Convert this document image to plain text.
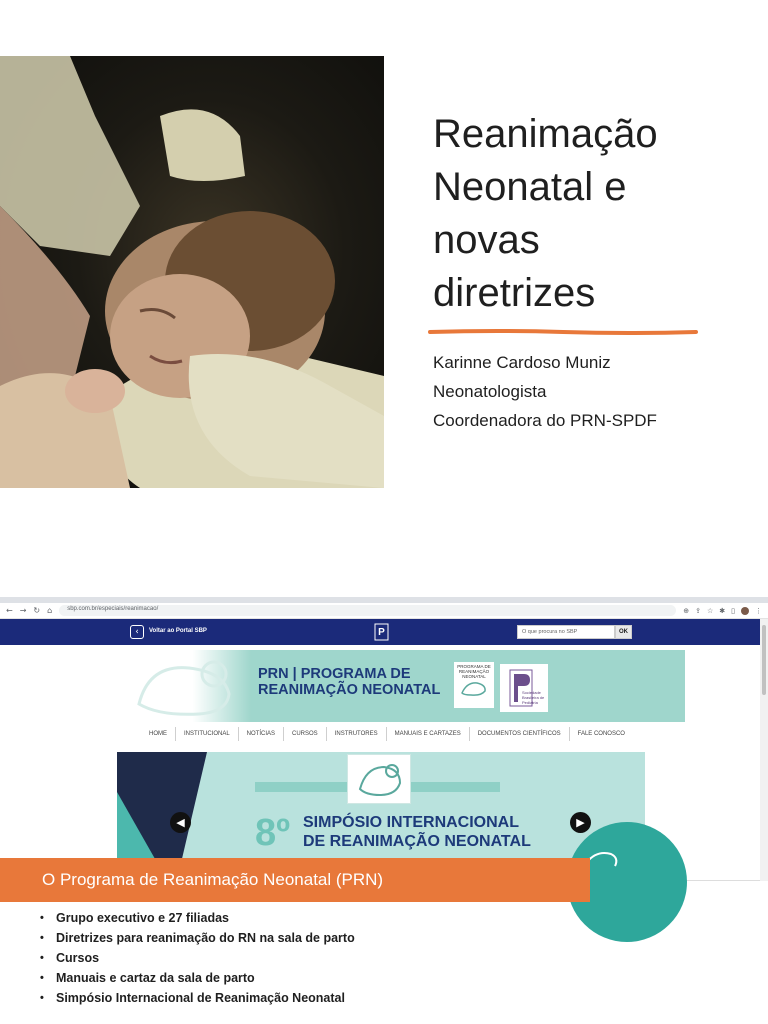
Fotografia: Alejandro Heredia de FreeImages
Reanimação
Neonatal e
novas
diretrizes
Karinne Cardoso Muniz
Neonatologista
Coordenadora do PRN-SPDF
← → ↻ ⌂	sbp.com.br/especiais/reanimacao/	⊕ ⇪ ☆ ✱ ▯	⋮
‹	Voltar ao Portal SBP	P	O que procura no SBP	OK
PRN | PROGRAMA DE
REANIMAÇÃO NEONATAL
PROGRAMA DE REANIMAÇÃO NEONATAL
Sociedade Brasileira de Pediatria
HOME	INSTITUCIONAL	NOTÍCIAS	CURSOS	INSTRUTORES	MANUAIS E CARTAZES	DOCUMENTOS CIENTÍFICOS	FALE CONOSCO
8º SIMPÓSIO INTERNACIONAL
DE REANIMAÇÃO NEONATAL
◀	▶
O Programa de Reanimação Neonatal (PRN)
• Grupo executivo e 27 filiadas
• Diretrizes para reanimação do RN na sala de parto
• Cursos
• Manuais e cartaz da sala de parto
• Simpósio Internacional de Reanimação Neonatal
